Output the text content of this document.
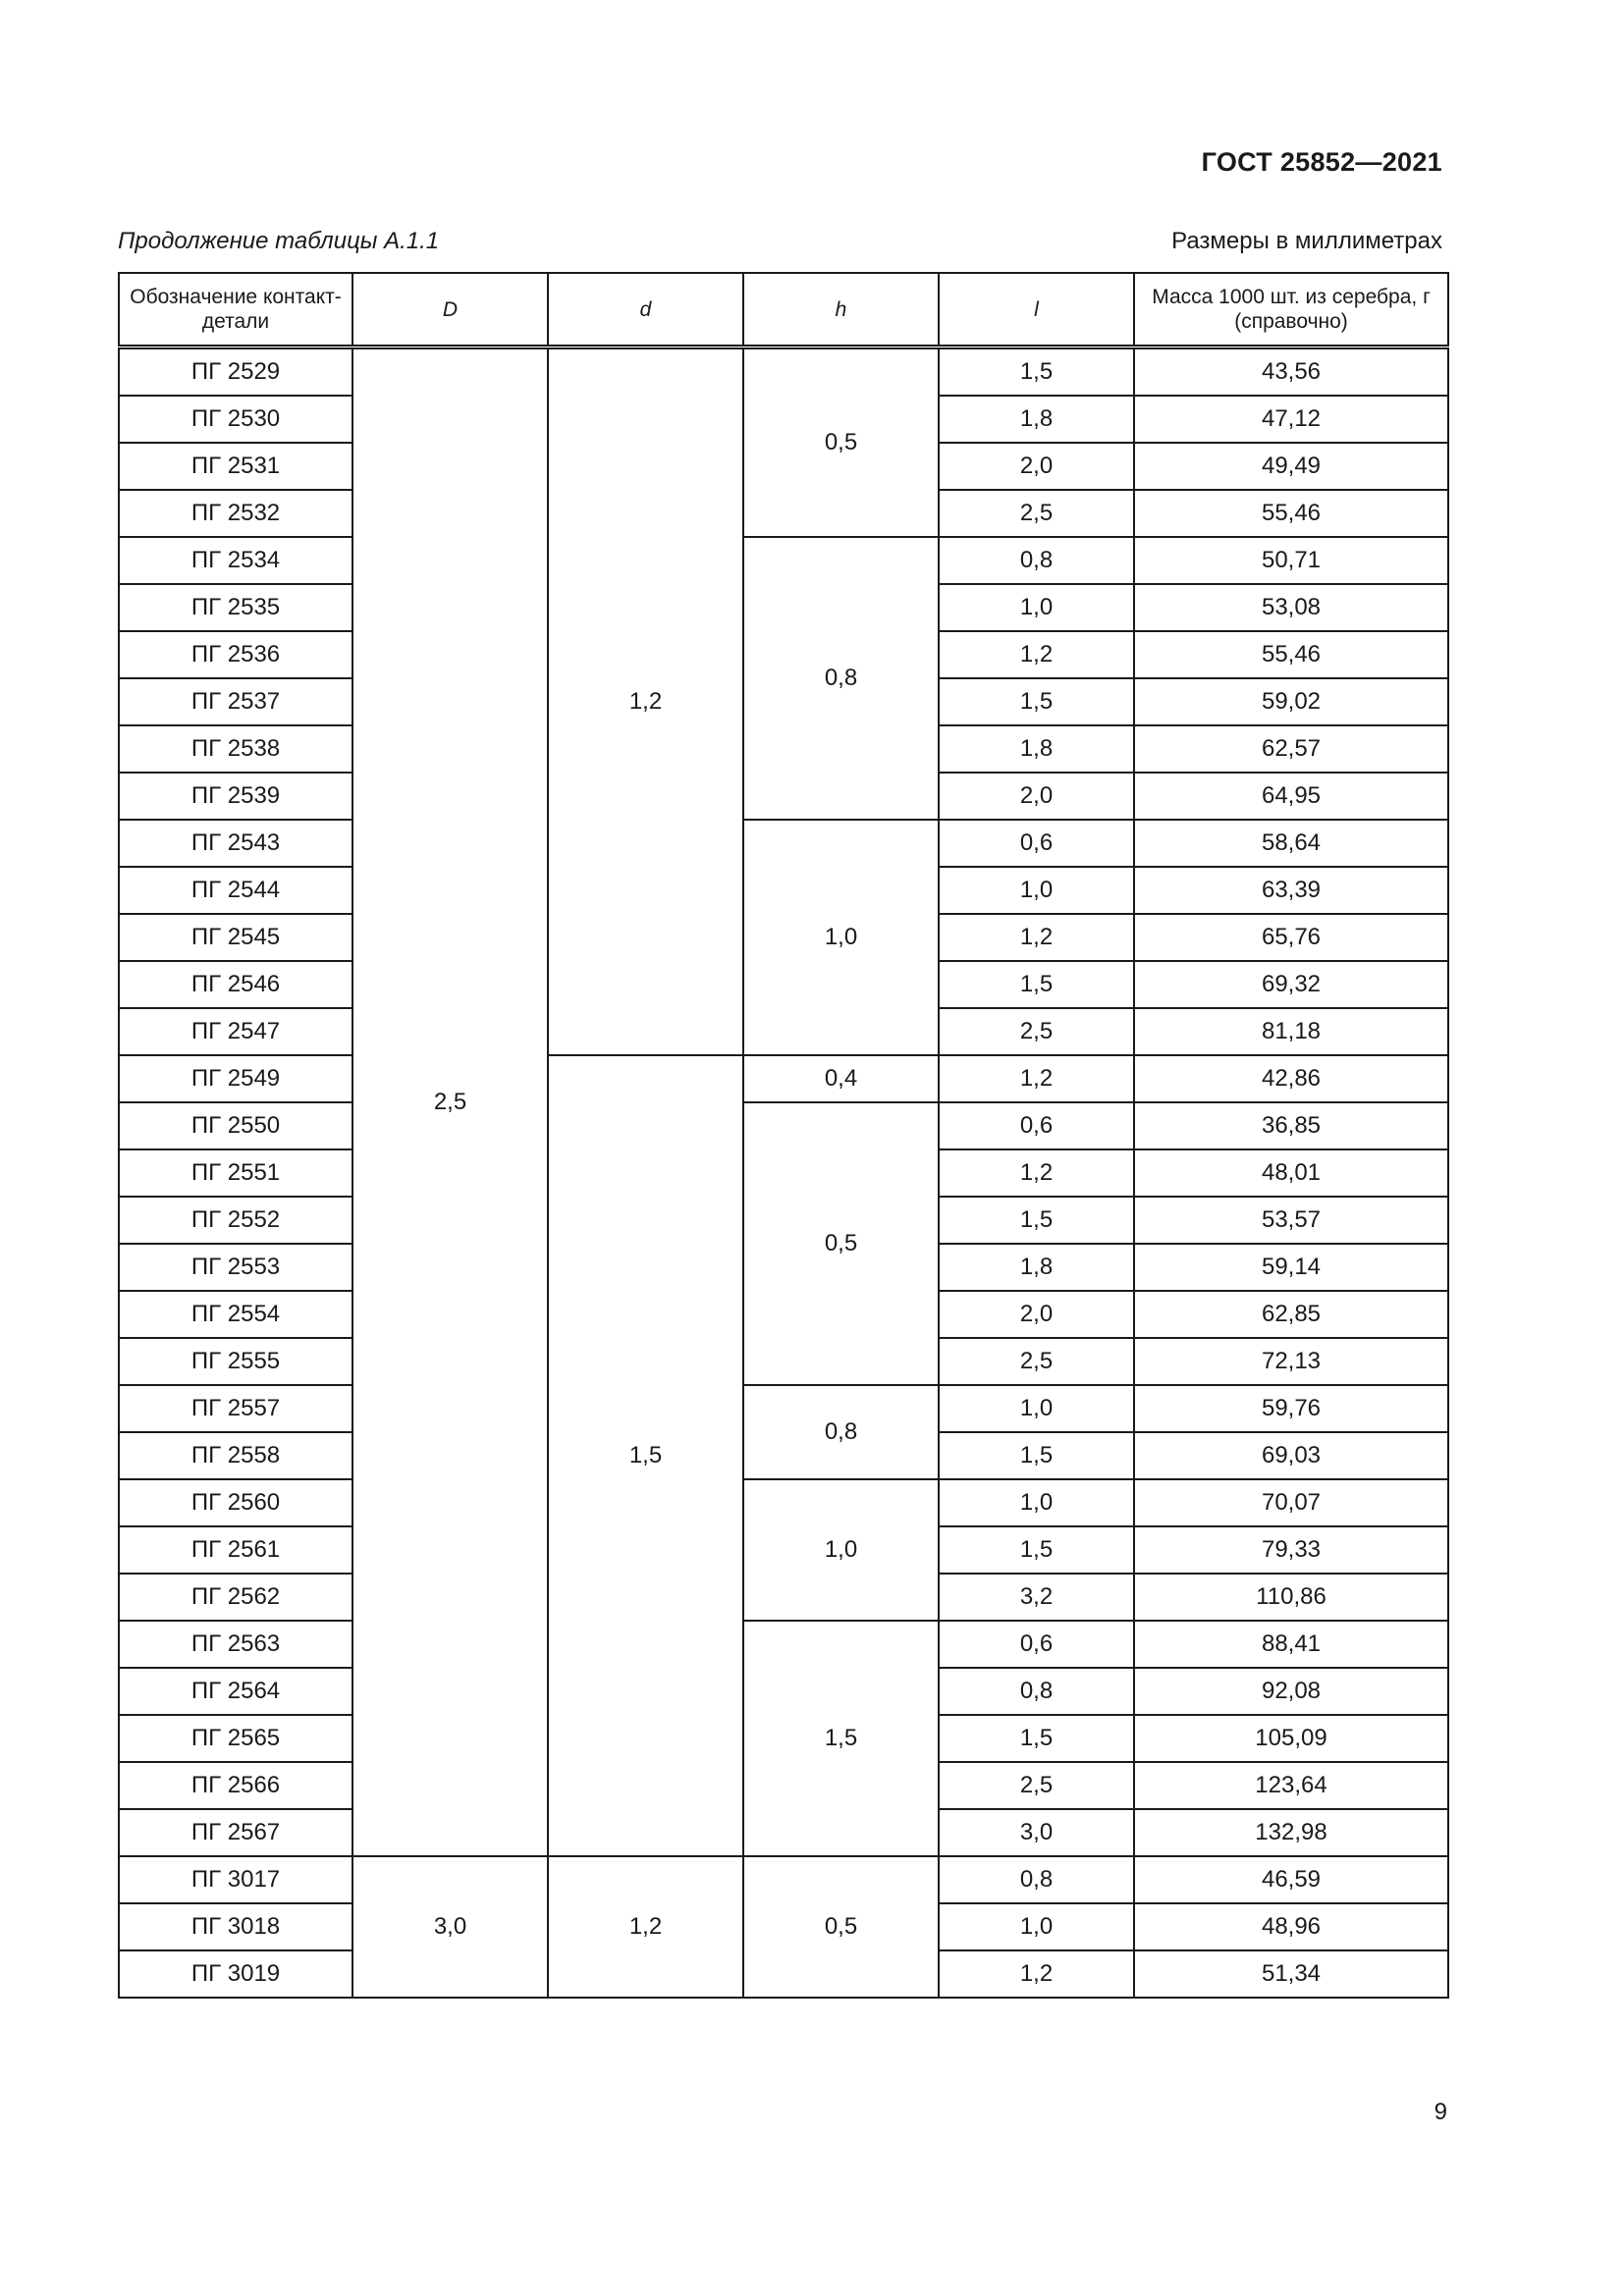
ГОСТ 25852—2021
Продолжение таблицы А.1.1	Размеры в миллиметрах
Обозначение контакт-детали	D	d	h	l	Масса 1000 шт. из серебра, г (справочно)
ПГ 2529	2,5	1,2	0,5	1,5	43,56
ПГ 2530				1,8	47,12
ПГ 2531				2,0	49,49
ПГ 2532				2,5	55,46
ПГ 2534			0,8	0,8	50,71
ПГ 2535				1,0	53,08
ПГ 2536				1,2	55,46
ПГ 2537				1,5	59,02
ПГ 2538				1,8	62,57
ПГ 2539				2,0	64,95
ПГ 2543			1,0	0,6	58,64
ПГ 2544				1,0	63,39
ПГ 2545				1,2	65,76
ПГ 2546				1,5	69,32
ПГ 2547				2,5	81,18
ПГ 2549		1,5	0,4	1,2	42,86
ПГ 2550			0,5	0,6	36,85
ПГ 2551				1,2	48,01
ПГ 2552				1,5	53,57
ПГ 2553				1,8	59,14
ПГ 2554				2,0	62,85
ПГ 2555				2,5	72,13
ПГ 2557			0,8	1,0	59,76
ПГ 2558				1,5	69,03
ПГ 2560			1,0	1,0	70,07
ПГ 2561				1,5	79,33
ПГ 2562				3,2	110,86
ПГ 2563			1,5	0,6	88,41
ПГ 2564				0,8	92,08
ПГ 2565				1,5	105,09
ПГ 2566				2,5	123,64
ПГ 2567				3,0	132,98
ПГ 3017	3,0	1,2	0,5	0,8	46,59
ПГ 3018				1,0	48,96
ПГ 3019				1,2	51,34
9
